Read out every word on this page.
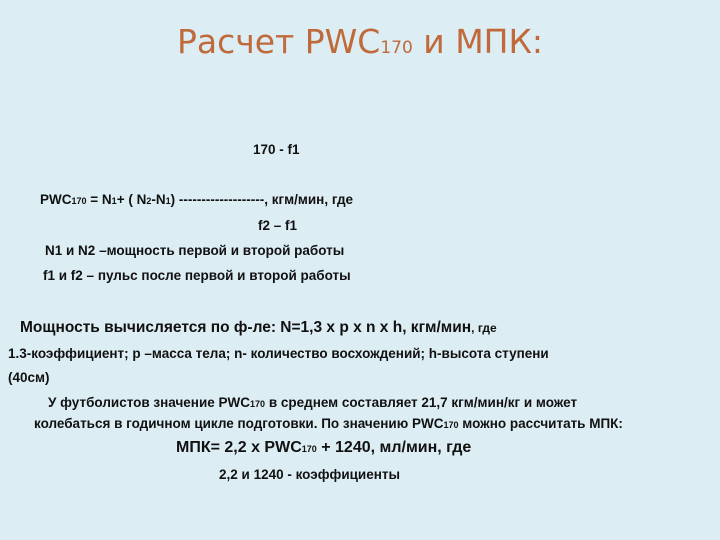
Расчет PWC170 и МПК:
170 - f1
PWC170 = N1+ ( N2-N1) -------------------, кгм/мин, где
f2 – f1
N1 и N2 –мощность первой и второй работы
f1 и f2 – пульс после первой и второй работы
Мощность вычисляется по ф-ле: N=1,3 x p x n x h, кгм/мин, где
1.3-коэффициент; р –масса тела; n- количество восхождений; h-высота ступени
(40см)
У футболистов значение PWC170 в среднем составляет 21,7 кгм/мин/кг и может
колебаться в годичном цикле подготовки. По значению PWC170 можно рассчитать МПК:
МПК= 2,2 x PWC170 + 1240, мл/мин, где
2,2 и 1240 - коэффициенты
